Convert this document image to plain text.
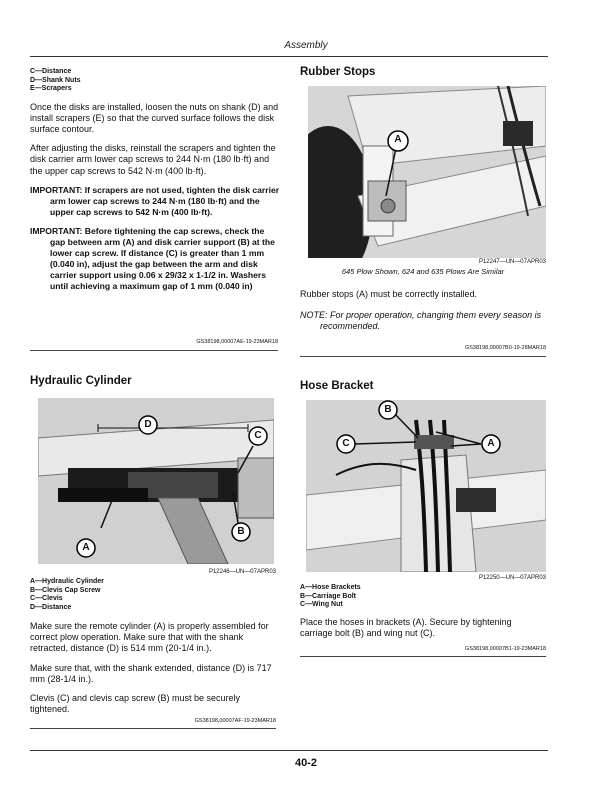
Assembly
C—Distance
D—Shank Nuts
E—Scrapers

Once the disks are installed, loosen the nuts on shank (D) and install scrapers (E) so that the curved surface follows the disk surface contour.

After adjusting the disks, reinstall the scrapers and tighten the disk carrier arm lower cap screws to 244 N·m (180 lb·ft) and the upper cap screws to 542 N·m (400 lb·ft).

IMPORTANT: If scrapers are not used, tighten the disk carrier arm lower cap screws to 244 N·m (180 lb·ft) and the upper cap screws to 542 N·m (400 lb·ft).

IMPORTANT: Before tightening the cap screws, check the gap between arm (A) and disk carrier support (B) at the lower cap screw. If distance (C) is greater than 1 mm (0.040 in), adjust the gap between the arm and disk carrier support using 0.06 x 29/32 x 1-1/2 in. Washers until achieving a maximum gap of 1 mm (0.040 in)

GS38198,00007AE-19-23MAR18
Rubber Stops
A
P12247—UN—07APR03
645 Plow Shown, 624 and 635 Plows Are Similar
Rubber stops (A) must be correctly installed.
NOTE: For proper operation, changing them every season is recommended.
GS38198,00007B0-19-28MAR18
Hydraulic Cylinder
D
C
B
A
P12246—UN—07APR03
A—Hydraulic Cylinder
B—Clevis Cap Screw
C—Clevis
D—Distance

Make sure the remote cylinder (A) is properly assembled for correct plow operation. Make sure that with the shank retracted, distance (D) is 514 mm (20-1/4 in.).

Make sure that, with the shank extended, distance (D) is 717 mm (28-1/4 in.).

Clevis (C) and clevis cap screw (B) must be securely tightened.

GS38198,00007AF-19-23MAR18
Hose Bracket
B
C	A
P12250—UN—07APR03
A—Hose Brackets
B—Carriage Bolt
C—Wing Nut
Place the hoses in brackets (A). Secure by tightening carriage bolt (B) and wing nut (C).
GS38198,00007B1-19-23MAR18
40-2
